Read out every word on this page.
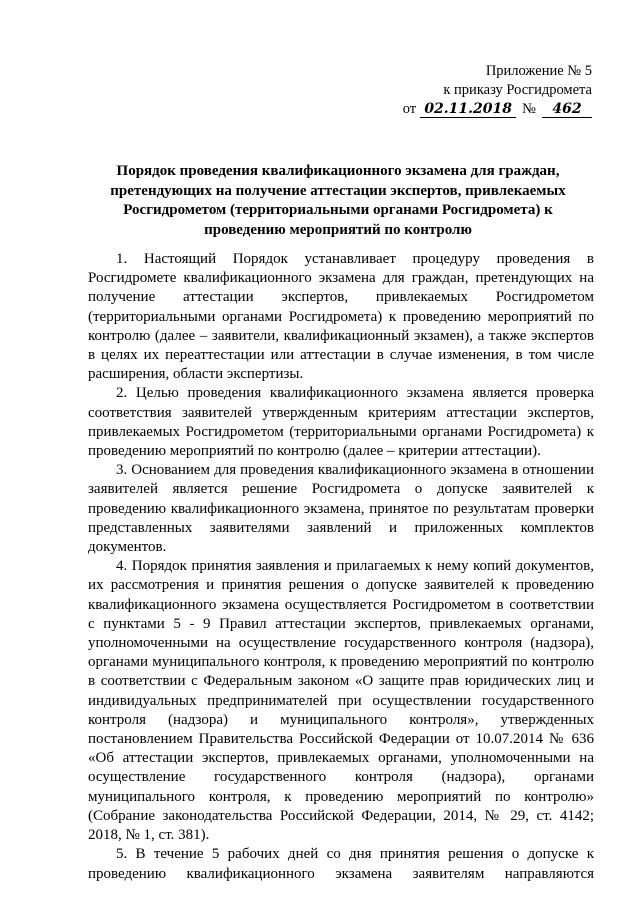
Приложение № 5
к приказу Росгидромета
от 02.11.2018 № 462
Порядок проведения квалификационного экзамена для граждан, претендующих на получение аттестации экспертов, привлекаемых Росгидрометом (территориальными органами Росгидромета) к проведению мероприятий по контролю

1. Настоящий Порядок устанавливает процедуру проведения в Росгидромете квалификационного экзамена для граждан, претендующих на получение аттестации экспертов, привлекаемых Росгидрометом (территориальными органами Росгидромета) к проведению мероприятий по контролю (далее – заявители, квалификационный экзамен), а также экспертов в целях их переаттестации или аттестации в случае изменения, в том числе расширения, области экспертизы.

2. Целью проведения квалификационного экзамена является проверка соответствия заявителей утвержденным критериям аттестации экспертов, привлекаемых Росгидрометом (территориальными органами Росгидромета) к проведению мероприятий по контролю (далее – критерии аттестации).

3. Основанием для проведения квалификационного экзамена в отношении заявителей является решение Росгидромета о допуске заявителей к проведению квалификационного экзамена, принятое по результатам проверки представленных заявителями заявлений и приложенных комплектов документов.

4. Порядок принятия заявления и прилагаемых к нему копий документов, их рассмотрения и принятия решения о допуске заявителей к проведению квалификационного экзамена осуществляется Росгидрометом в соответствии с пунктами 5 - 9 Правил аттестации экспертов, привлекаемых органами, уполномоченными на осуществление государственного контроля (надзора), органами муниципального контроля, к проведению мероприятий по контролю в соответствии с Федеральным законом «О защите прав юридических лиц и индивидуальных предпринимателей при осуществлении государственного контроля (надзора) и муниципального контроля», утвержденных постановлением Правительства Российской Федерации от 10.07.2014 № 636 «Об аттестации экспертов, привлекаемых органами, уполномоченными на осуществление государственного контроля (надзора), органами муниципального контроля, к проведению мероприятий по контролю» (Собрание законодательства Российской Федерации, 2014, № 29, ст. 4142; 2018, № 1, ст. 381).

5. В течение 5 рабочих дней со дня принятия решения о допуске к проведению квалификационного экзамена заявителям направляются
